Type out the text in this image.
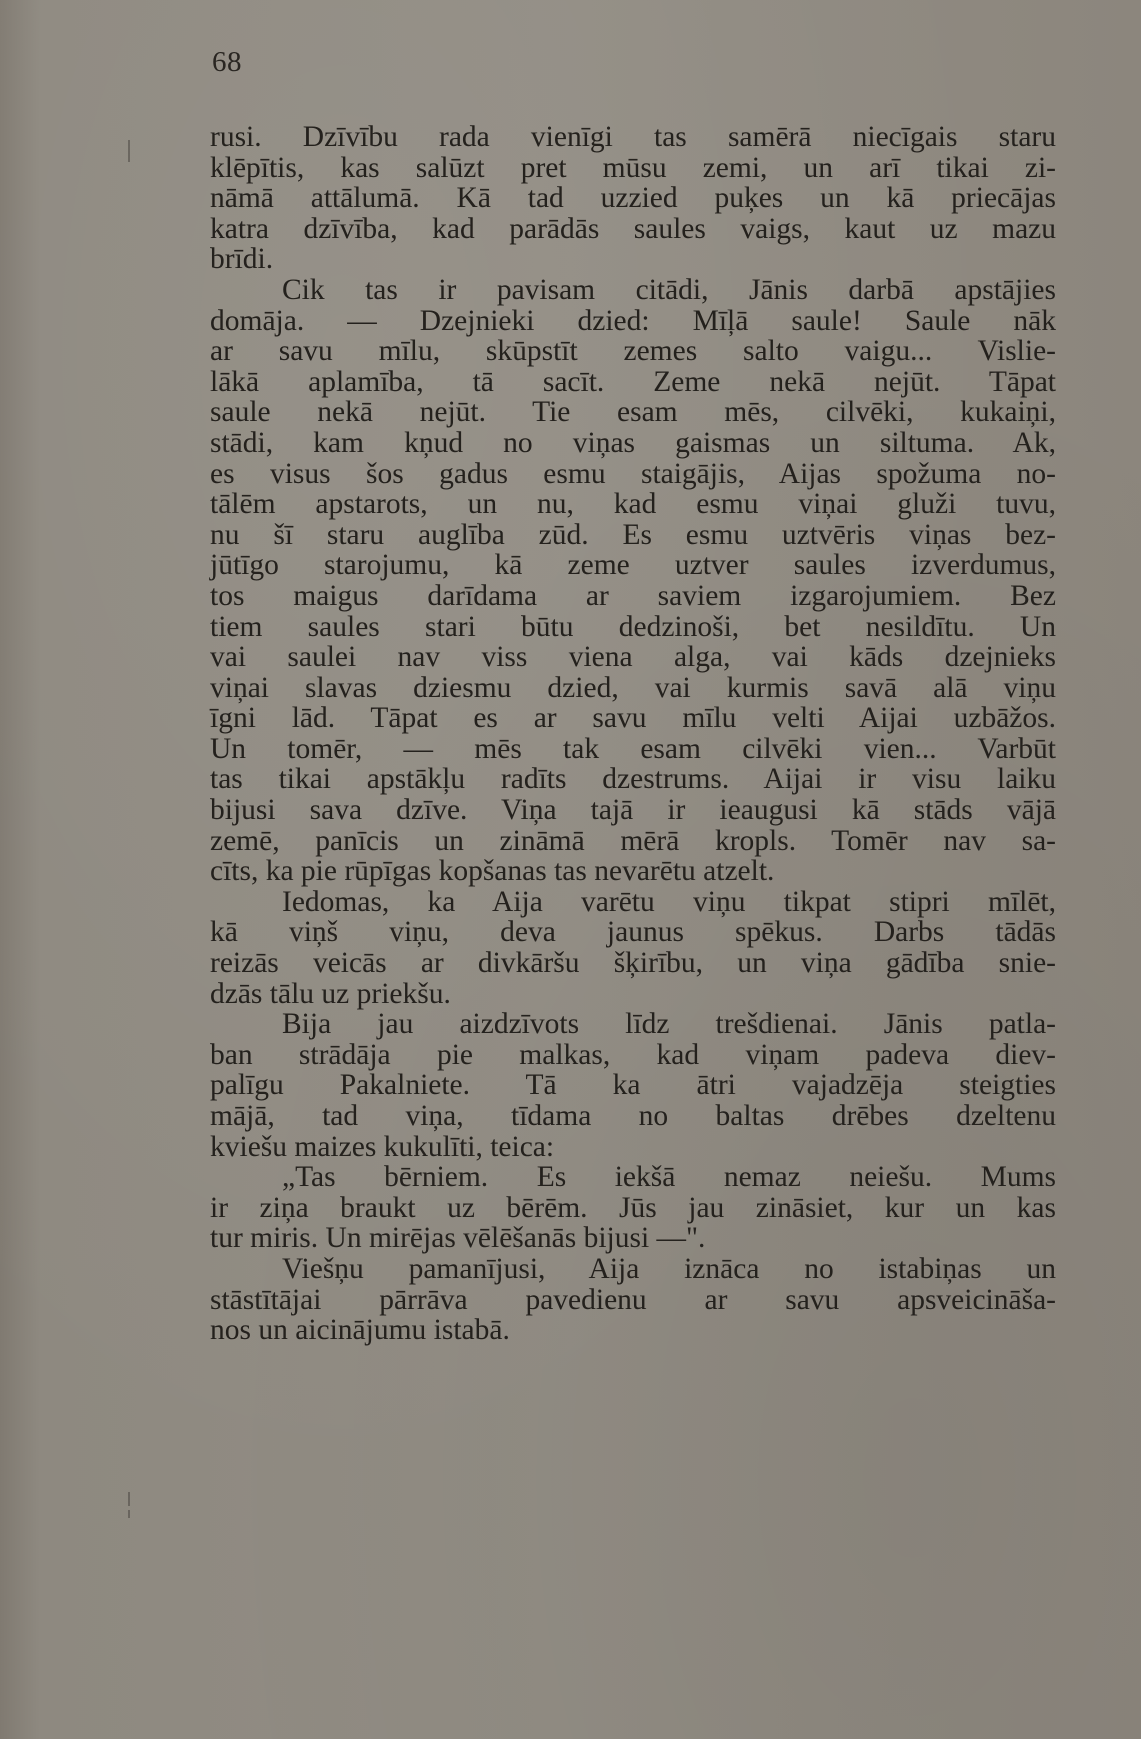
68
rusi. Dzīvību rada vienīgi tas samērā niecīgais staru
klēpītis, kas salūzt pret mūsu zemi, un arī tikai zi-
nāmā attālumā. Kā tad uzzied puķes un kā priecājas
katra dzīvība, kad parādās saules vaigs, kaut uz mazu
brīdi.
Cik tas ir pavisam citādi, Jānis darbā apstājies
domāja. — Dzejnieki dzied: Mīļā saule! Saule nāk
ar savu mīlu, skūpstīt zemes salto vaigu... Vislie-
lākā aplamība, tā sacīt. Zeme nekā nejūt. Tāpat
saule nekā nejūt. Tie esam mēs, cilvēki, kukaiņi,
stādi, kam kņud no viņas gaismas un siltuma. Ak,
es visus šos gadus esmu staigājis, Aijas spožuma no-
tālēm apstarots, un nu, kad esmu viņai gluži tuvu,
nu šī staru auglība zūd. Es esmu uztvēris viņas bez-
jūtīgo starojumu, kā zeme uztver saules izverdumus,
tos maigus darīdama ar saviem izgarojumiem. Bez
tiem saules stari būtu dedzinoši, bet nesildītu. Un
vai saulei nav viss viena alga, vai kāds dzejnieks
viņai slavas dziesmu dzied, vai kurmis savā alā viņu
īgni lād. Tāpat es ar savu mīlu velti Aijai uzbāžos.
Un tomēr, — mēs tak esam cilvēki vien... Varbūt
tas tikai apstākļu radīts dzestrums. Aijai ir visu laiku
bijusi sava dzīve. Viņa tajā ir ieaugusi kā stāds vājā
zemē, panīcis un zināmā mērā kropls. Tomēr nav sa-
cīts, ka pie rūpīgas kopšanas tas nevarētu atzelt.
Iedomas, ka Aija varētu viņu tikpat stipri mīlēt,
kā viņš viņu, deva jaunus spēkus. Darbs tādās
reizās veicās ar divkāršu šķirību, un viņa gādība snie-
dzās tālu uz priekšu.
Bija jau aizdzīvots līdz trešdienai. Jānis patla-
ban strādāja pie malkas, kad viņam padeva diev-
palīgu Pakalniete. Tā ka ātri vajadzēja steigties
mājā, tad viņa, tīdama no baltas drēbes dzeltenu
kviešu maizes kukulīti, teica:
„Tas bērniem. Es iekšā nemaz neiešu. Mums
ir ziņa braukt uz bērēm. Jūs jau zināsiet, kur un kas
tur miris. Un mirējas vēlēšanās bijusi —".
Viešņu pamanījusi, Aija iznāca no istabiņas un
stāstītājai pārrāva pavedienu ar savu apsveicināša-
nos un aicinājumu istabā.
